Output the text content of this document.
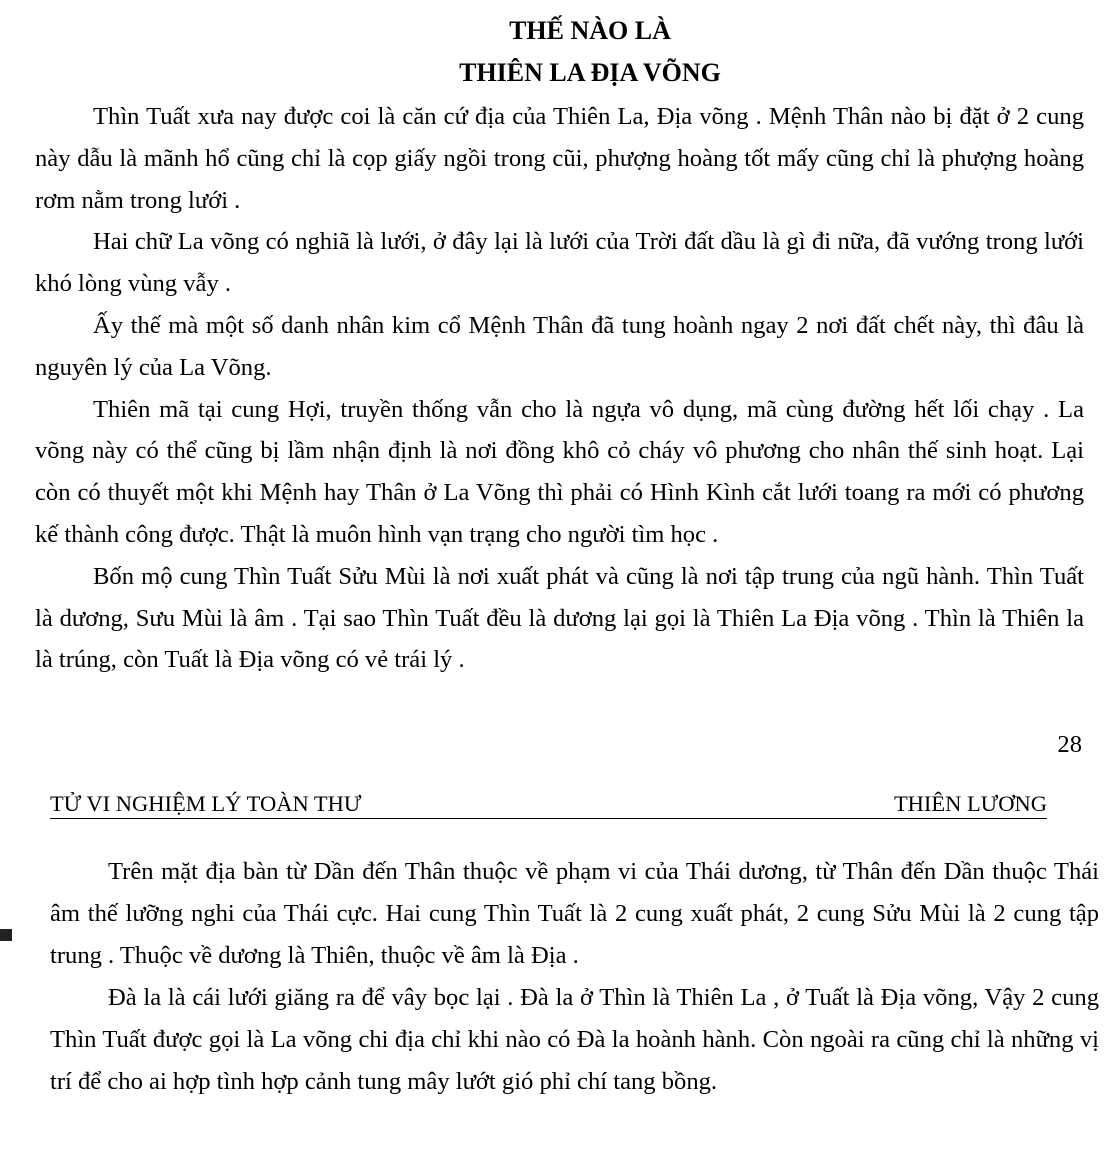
THẾ NÀO LÀ
THIÊN LA ĐỊA VÕNG

Thìn Tuất xưa nay được coi là căn cứ địa của Thiên La, Địa võng . Mệnh Thân nào bị đặt ở 2 cung này dẫu là mãnh hổ cũng chỉ là cọp giấy ngồi trong cũi, phượng hoàng tốt mấy cũng chỉ là phượng hoàng rơm nằm trong lưới .

Hai chữ La võng có nghiã là lưới, ở đây lại là lưới của Trời đất dầu là gì đi nữa, đã vướng trong lưới khó lòng vùng vẫy .

Ấy thế mà một số danh nhân kim cổ Mệnh Thân đã tung hoành ngay 2 nơi đất chết này, thì đâu là nguyên lý của La Võng.

Thiên mã tại cung Hợi, truyền thống vẫn cho là ngựa vô dụng, mã cùng đường hết lối chạy . La võng này có thể cũng bị lầm nhận định là nơi đồng khô cỏ cháy vô phương cho nhân thế sinh hoạt. Lại còn có thuyết một khi Mệnh hay Thân ở La Võng thì phải có Hình Kình cắt lưới toang ra mới có phương kế thành công được. Thật là muôn hình vạn trạng cho người tìm học .

Bốn mộ cung Thìn Tuất Sửu Mùi là nơi xuất phát và cũng là nơi tập trung của ngũ hành. Thìn Tuất là dương, Sưu Mùi là âm . Tại sao Thìn Tuất đều là dương lại gọi là Thiên La Địa võng . Thìn là Thiên la là trúng, còn Tuất là Địa võng có vẻ trái lý .

28
TỬ VI NGHIỆM LÝ TOÀN THƯ	THIÊN LƯƠNG

Trên mặt địa bàn từ Dần đến Thân thuộc về phạm vi của Thái dương, từ Thân đến Dần thuộc Thái âm thế lưỡng nghi của Thái cực. Hai cung Thìn Tuất là 2 cung xuất phát, 2 cung Sửu Mùi là 2 cung tập trung . Thuộc về dương là Thiên, thuộc về âm là Địa .

Đà la là cái lưới giăng ra để vây bọc lại . Đà la ở Thìn là Thiên La , ở Tuất là Địa võng, Vậy 2 cung Thìn Tuất được gọi là La võng chi địa chỉ khi nào có Đà la hoành hành. Còn ngoài ra cũng chỉ là những vị trí để cho ai hợp tình hợp cảnh tung mây lướt gió phỉ chí tang bồng.
